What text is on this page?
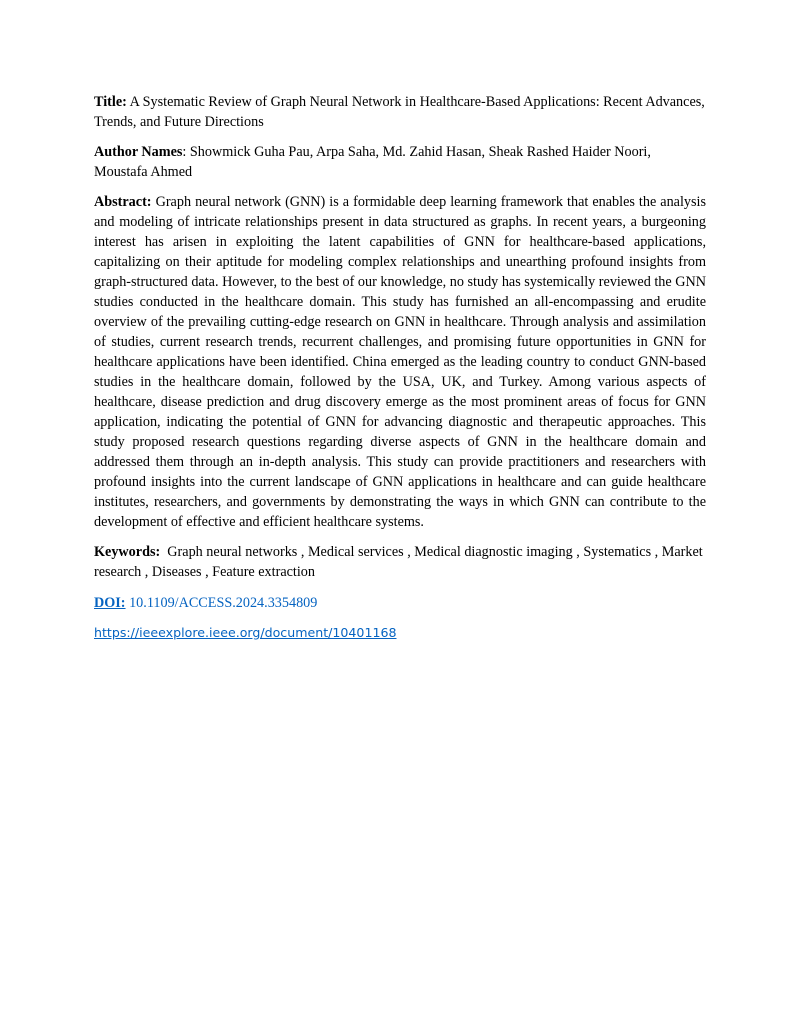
Title: A Systematic Review of Graph Neural Network in Healthcare-Based Applications: Recent Advances, Trends, and Future Directions

Author Names: Showmick Guha Pau, Arpa Saha, Md. Zahid Hasan, Sheak Rashed Haider Noori, Moustafa Ahmed

Abstract: Graph neural network (GNN) is a formidable deep learning framework that enables the analysis and modeling of intricate relationships present in data structured as graphs. In recent years, a burgeoning interest has arisen in exploiting the latent capabilities of GNN for healthcare-based applications, capitalizing on their aptitude for modeling complex relationships and unearthing profound insights from graph-structured data. However, to the best of our knowledge, no study has systemically reviewed the GNN studies conducted in the healthcare domain. This study has furnished an all-encompassing and erudite overview of the prevailing cutting-edge research on GNN in healthcare. Through analysis and assimilation of studies, current research trends, recurrent challenges, and promising future opportunities in GNN for healthcare applications have been identified. China emerged as the leading country to conduct GNN-based studies in the healthcare domain, followed by the USA, UK, and Turkey. Among various aspects of healthcare, disease prediction and drug discovery emerge as the most prominent areas of focus for GNN application, indicating the potential of GNN for advancing diagnostic and therapeutic approaches. This study proposed research questions regarding diverse aspects of GNN in the healthcare domain and addressed them through an in-depth analysis. This study can provide practitioners and researchers with profound insights into the current landscape of GNN applications in healthcare and can guide healthcare institutes, researchers, and governments by demonstrating the ways in which GNN can contribute to the development of effective and efficient healthcare systems.

Keywords: Graph neural networks , Medical services , Medical diagnostic imaging , Systematics , Market research , Diseases , Feature extraction

DOI: 10.1109/ACCESS.2024.3354809

https://ieeexplore.ieee.org/document/10401168
